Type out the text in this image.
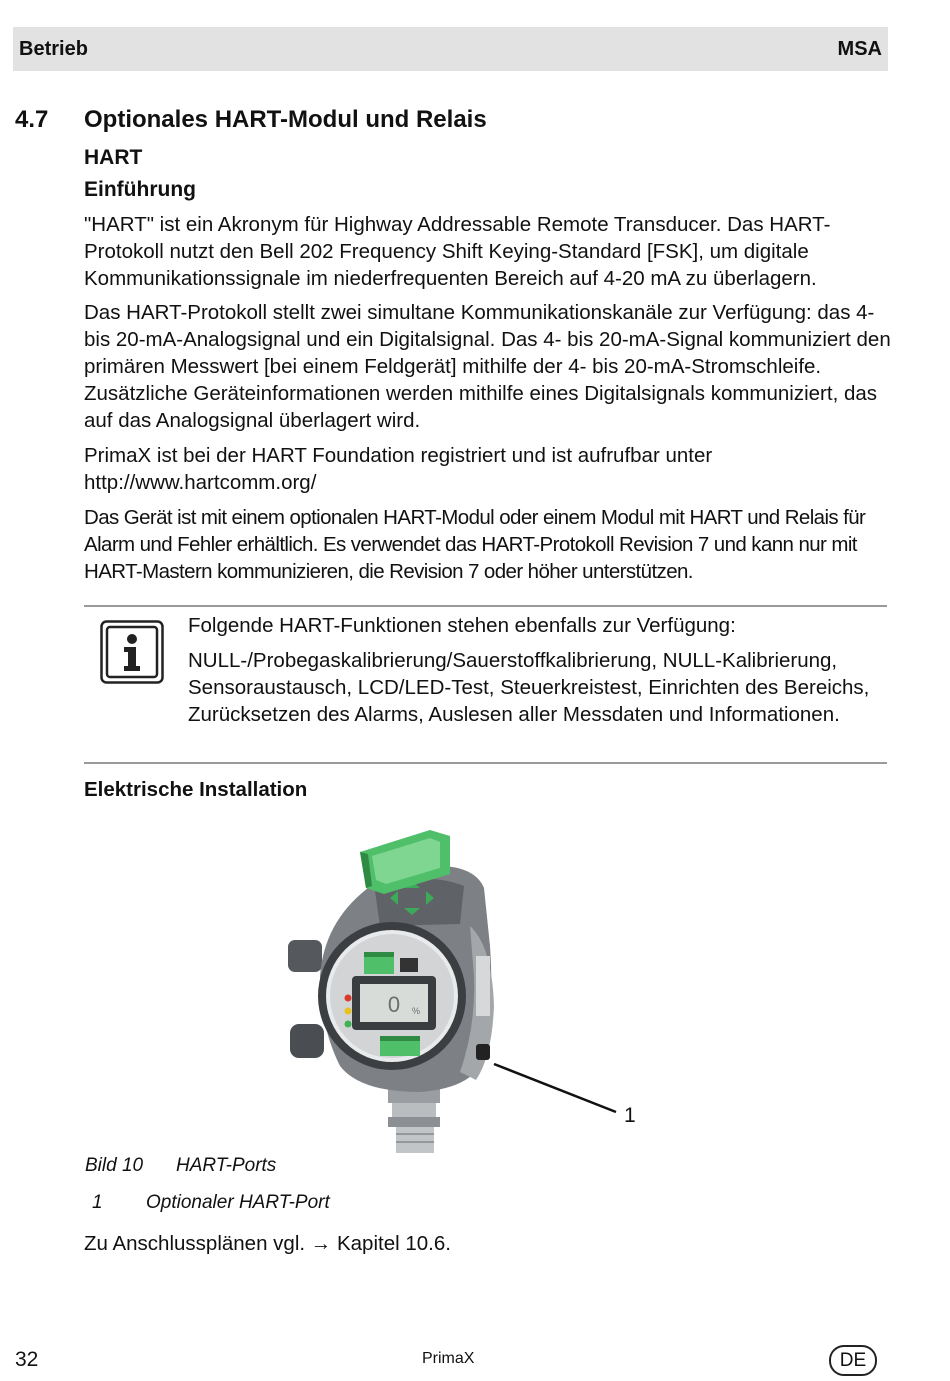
Betrieb	MSA
4.7 Optionales HART-Modul und Relais
HART
Einführung

"HART" ist ein Akronym für Highway Addressable Remote Transducer. Das HART-Protokoll nutzt den Bell 202 Frequency Shift Keying-Standard [FSK], um digitale Kommunikationssignale im niederfrequenten Bereich auf 4-20 mA zu überlagern.

Das HART-Protokoll stellt zwei simultane Kommunikationskanäle zur Verfügung: das 4- bis 20-mA-Analogsignal und ein Digitalsignal. Das 4- bis 20-mA-Signal kommuniziert den primären Messwert [bei einem Feldgerät] mithilfe der 4- bis 20-mA-Stromschleife. Zusätzliche Geräteinformationen werden mithilfe eines Digitalsignals kommuniziert, das auf das Analogsignal überlagert wird.

PrimaX ist bei der HART Foundation registriert und ist aufrufbar unter http://www.hartcomm.org/

Das Gerät ist mit einem optionalen HART-Modul oder einem Modul mit HART und Relais für Alarm und Fehler erhältlich. Es verwendet das HART-Protokoll Revision 7 und kann nur mit HART-Mastern kommunizieren, die Revision 7 oder höher unterstützen.

Folgende HART-Funktionen stehen ebenfalls zur Verfügung:

NULL-/Probegaskalibrierung/Sauerstoffkalibrierung, NULL-Kalibrierung, Sensoraustausch, LCD/LED-Test, Steuerkreistest, Einrichten des Bereichs, Zurücksetzen des Alarms, Auslesen aller Messdaten und Informationen.

Elektrische Installation
0 %
1
Bild 10 HART-Ports
1 Optionaler HART-Port

Zu Anschlussplänen vgl. → Kapitel 10.6.

32	PrimaX	DE
